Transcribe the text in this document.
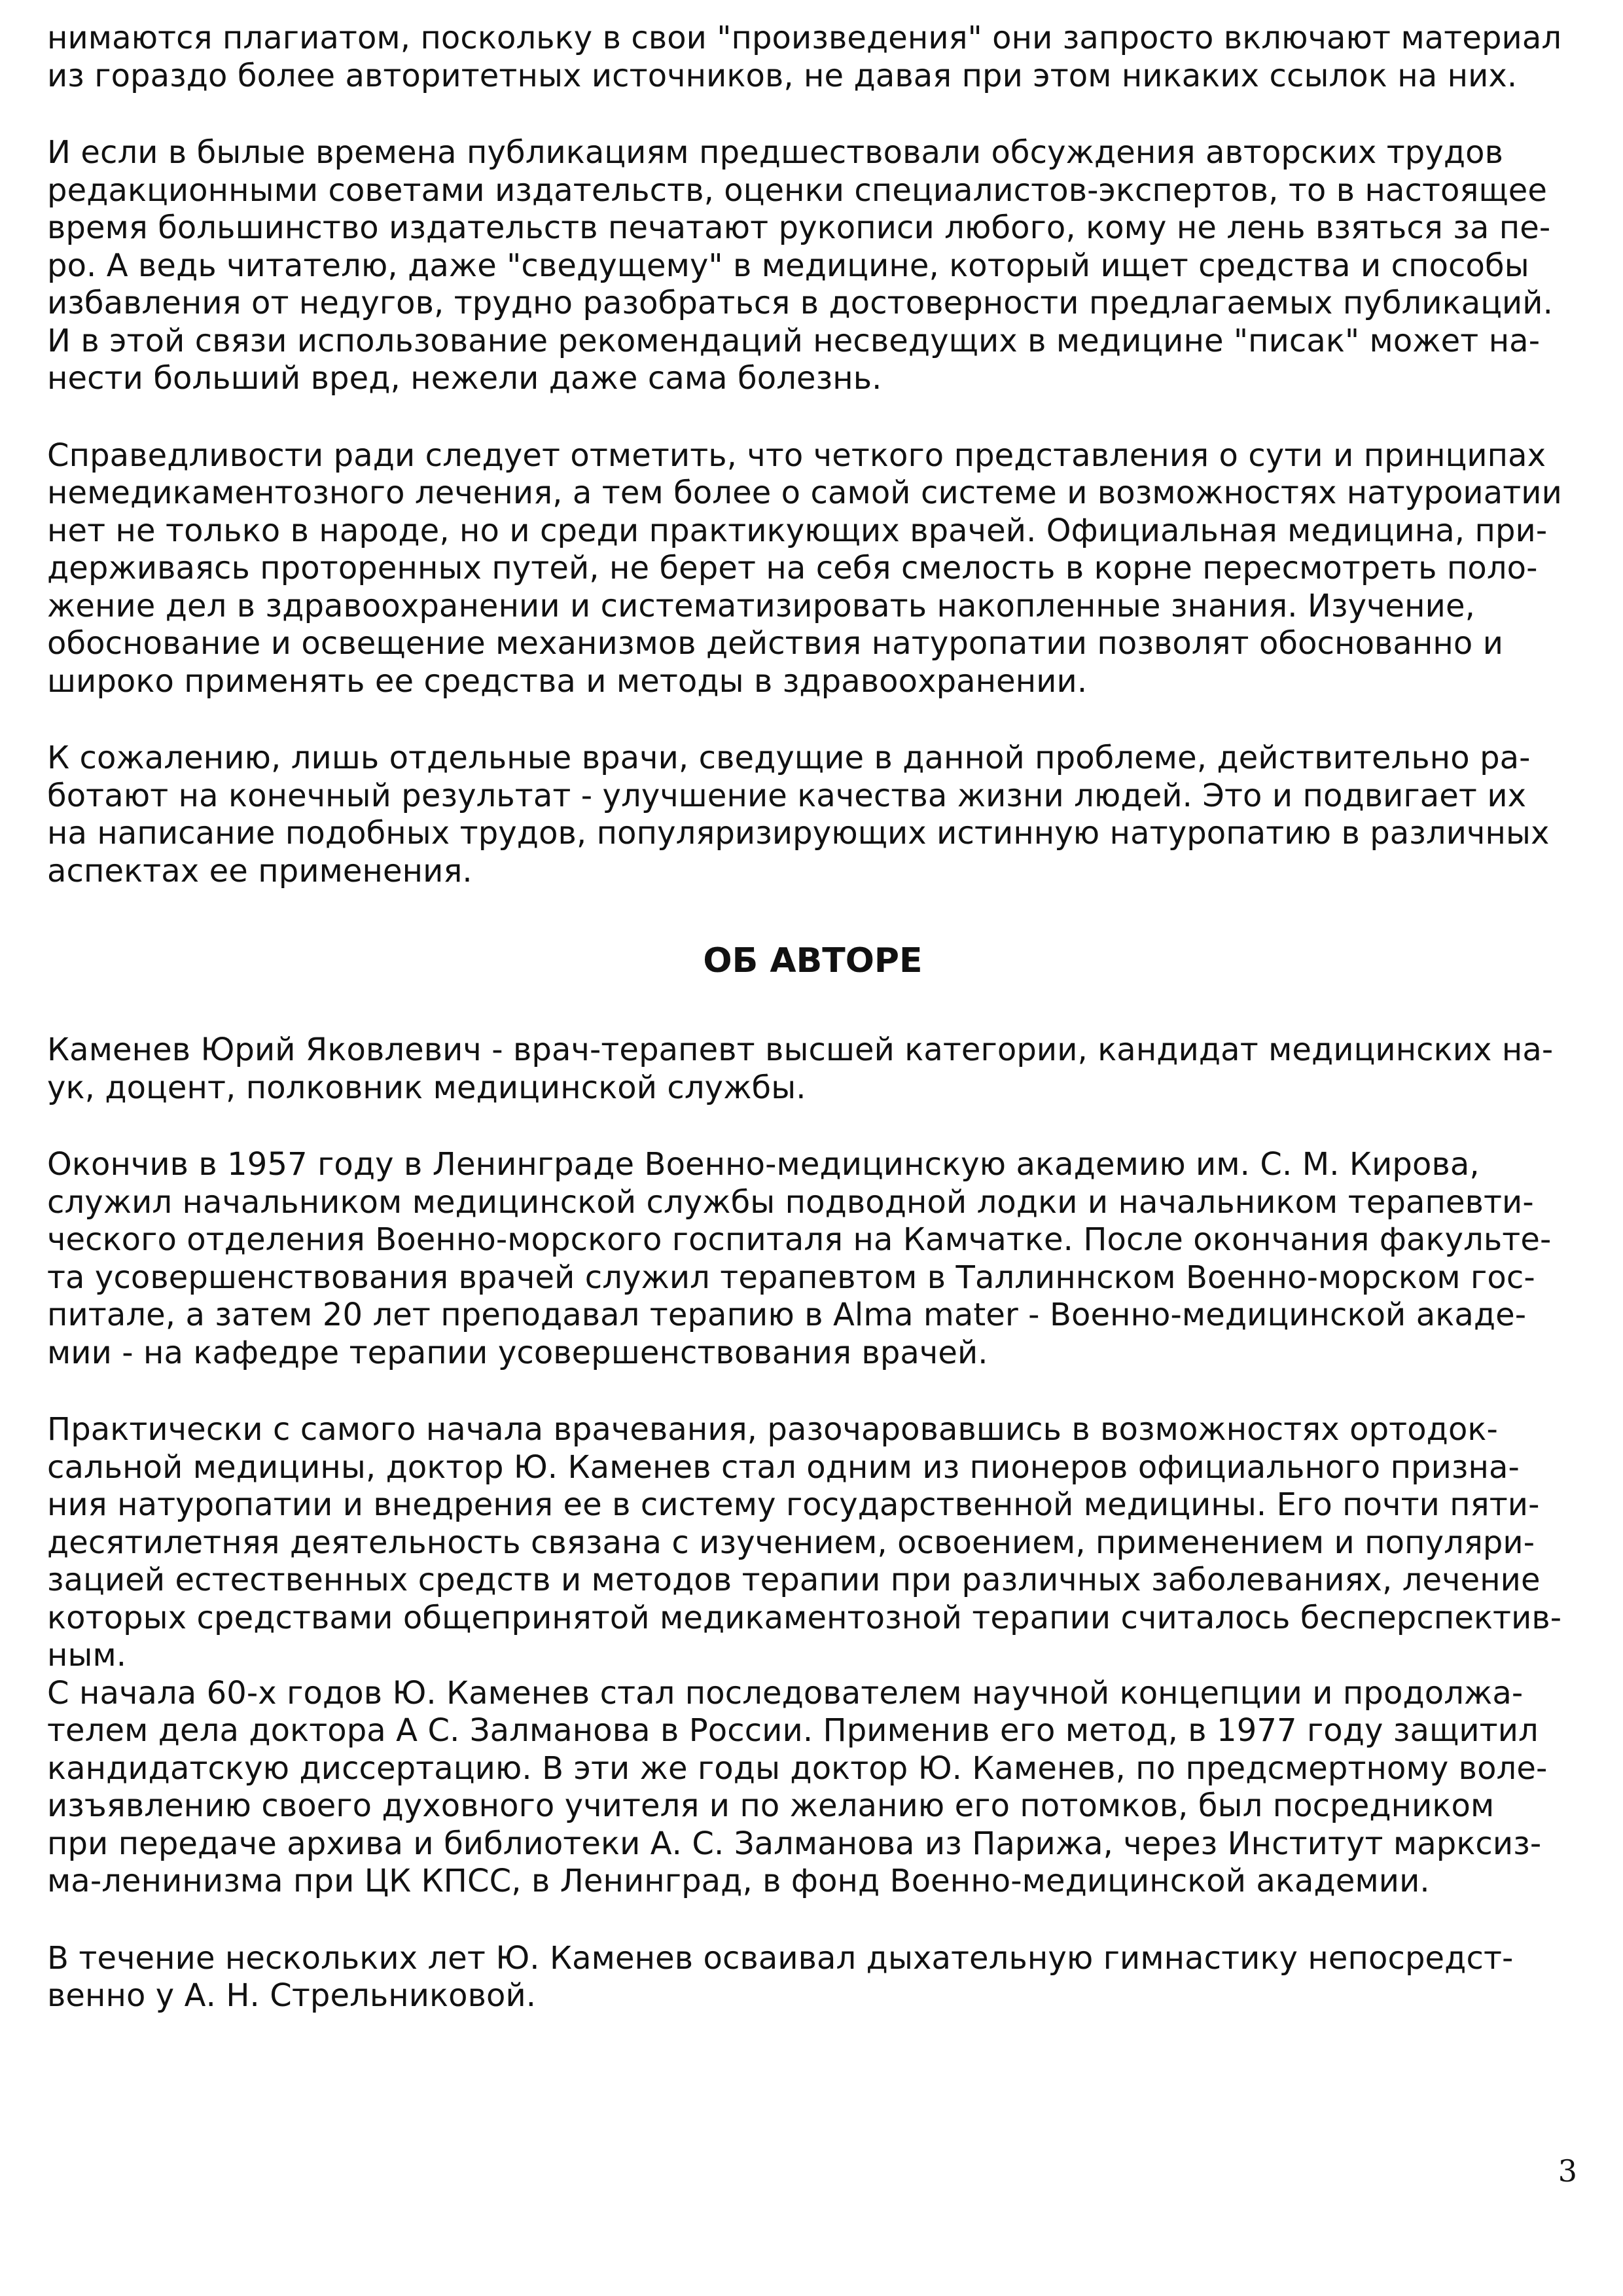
нимаются плагиатом, поскольку в свои "произведения" они запросто включают материал
из гораздо более авторитетных источников, не давая при этом никаких ссылок на них.
И если в былые времена публикациям предшествовали обсуждения авторских трудов
редакционными советами издательств, оценки специалистов-экспертов, то в настоящее
время большинство издательств печатают рукописи любого, кому не лень взяться за пе-
ро. А ведь читателю, даже "сведущему" в медицине, который ищет средства и способы
избавления от недугов, трудно разобраться в достоверности предлагаемых публикаций.
И в этой связи использование рекомендаций несведущих в медицине "писак" может на-
нести больший вред, нежели даже сама болезнь.
Справедливости ради следует отметить, что четкого представления о сути и принципах
немедикаментозного лечения, а тем более о самой системе и возможностях натуроиатии
нет не только в народе, но и среди практикующих врачей. Официальная медицина, при-
держиваясь проторенных путей, не берет на себя смелость в корне пересмотреть поло-
жение дел в здравоохранении и систематизировать накопленные знания. Изучение,
обоснование и освещение механизмов действия натуропатии позволят обоснованно и
широко применять ее средства и методы в здравоохранении.
К сожалению, лишь отдельные врачи, сведущие в данной проблеме, действительно ра-
ботают на конечный результат - улучшение качества жизни людей. Это и подвигает их
на написание подобных трудов, популяризирующих истинную натуропатию в различных
аспектах ее применения.
ОБ АВТОРЕ
Каменев Юрий Яковлевич - врач-терапевт высшей категории, кандидат медицинских на-
ук, доцент, полковник медицинской службы.
Окончив в 1957 году в Ленинграде Военно-медицинскую академию им. С. М. Кирова,
служил начальником медицинской службы подводной лодки и начальником терапевти-
ческого отделения Военно-морского госпиталя на Камчатке. После окончания факульте-
та усовершенствования врачей служил терапевтом в Таллиннском Военно-морском гос-
питале, а затем 20 лет преподавал терапию в Alma mater - Военно-медицинской акаде-
мии - на кафедре терапии усовершенствования врачей.
Практически с самого начала врачевания, разочаровавшись в возможностях ортодок-
сальной медицины, доктор Ю. Каменев стал одним из пионеров официального призна-
ния натуропатии и внедрения ее в систему государственной медицины. Его почти пяти-
десятилетняя деятельность связана с изучением, освоением, применением и популяри-
зацией естественных средств и методов терапии при различных заболеваниях, лечение
которых средствами общепринятой медикаментозной терапии считалось бесперспектив-
ным.
С начала 60-х годов Ю. Каменев стал последователем научной концепции и продолжа-
телем дела доктора А С. Залманова в России. Применив его метод, в 1977 году защитил
кандидатскую диссертацию. В эти же годы доктор Ю. Каменев, по предсмертному воле-
изъявлению своего духовного учителя и по желанию его потомков, был посредником
при передаче архива и библиотеки А. С. Залманова из Парижа, через Институт марксиз-
ма-ленинизма при ЦК КПСС, в Ленинград, в фонд Военно-медицинской академии.
В течение нескольких лет Ю. Каменев осваивал дыхательную гимнастику непосредст-
венно у А. Н. Стрельниковой.
3
